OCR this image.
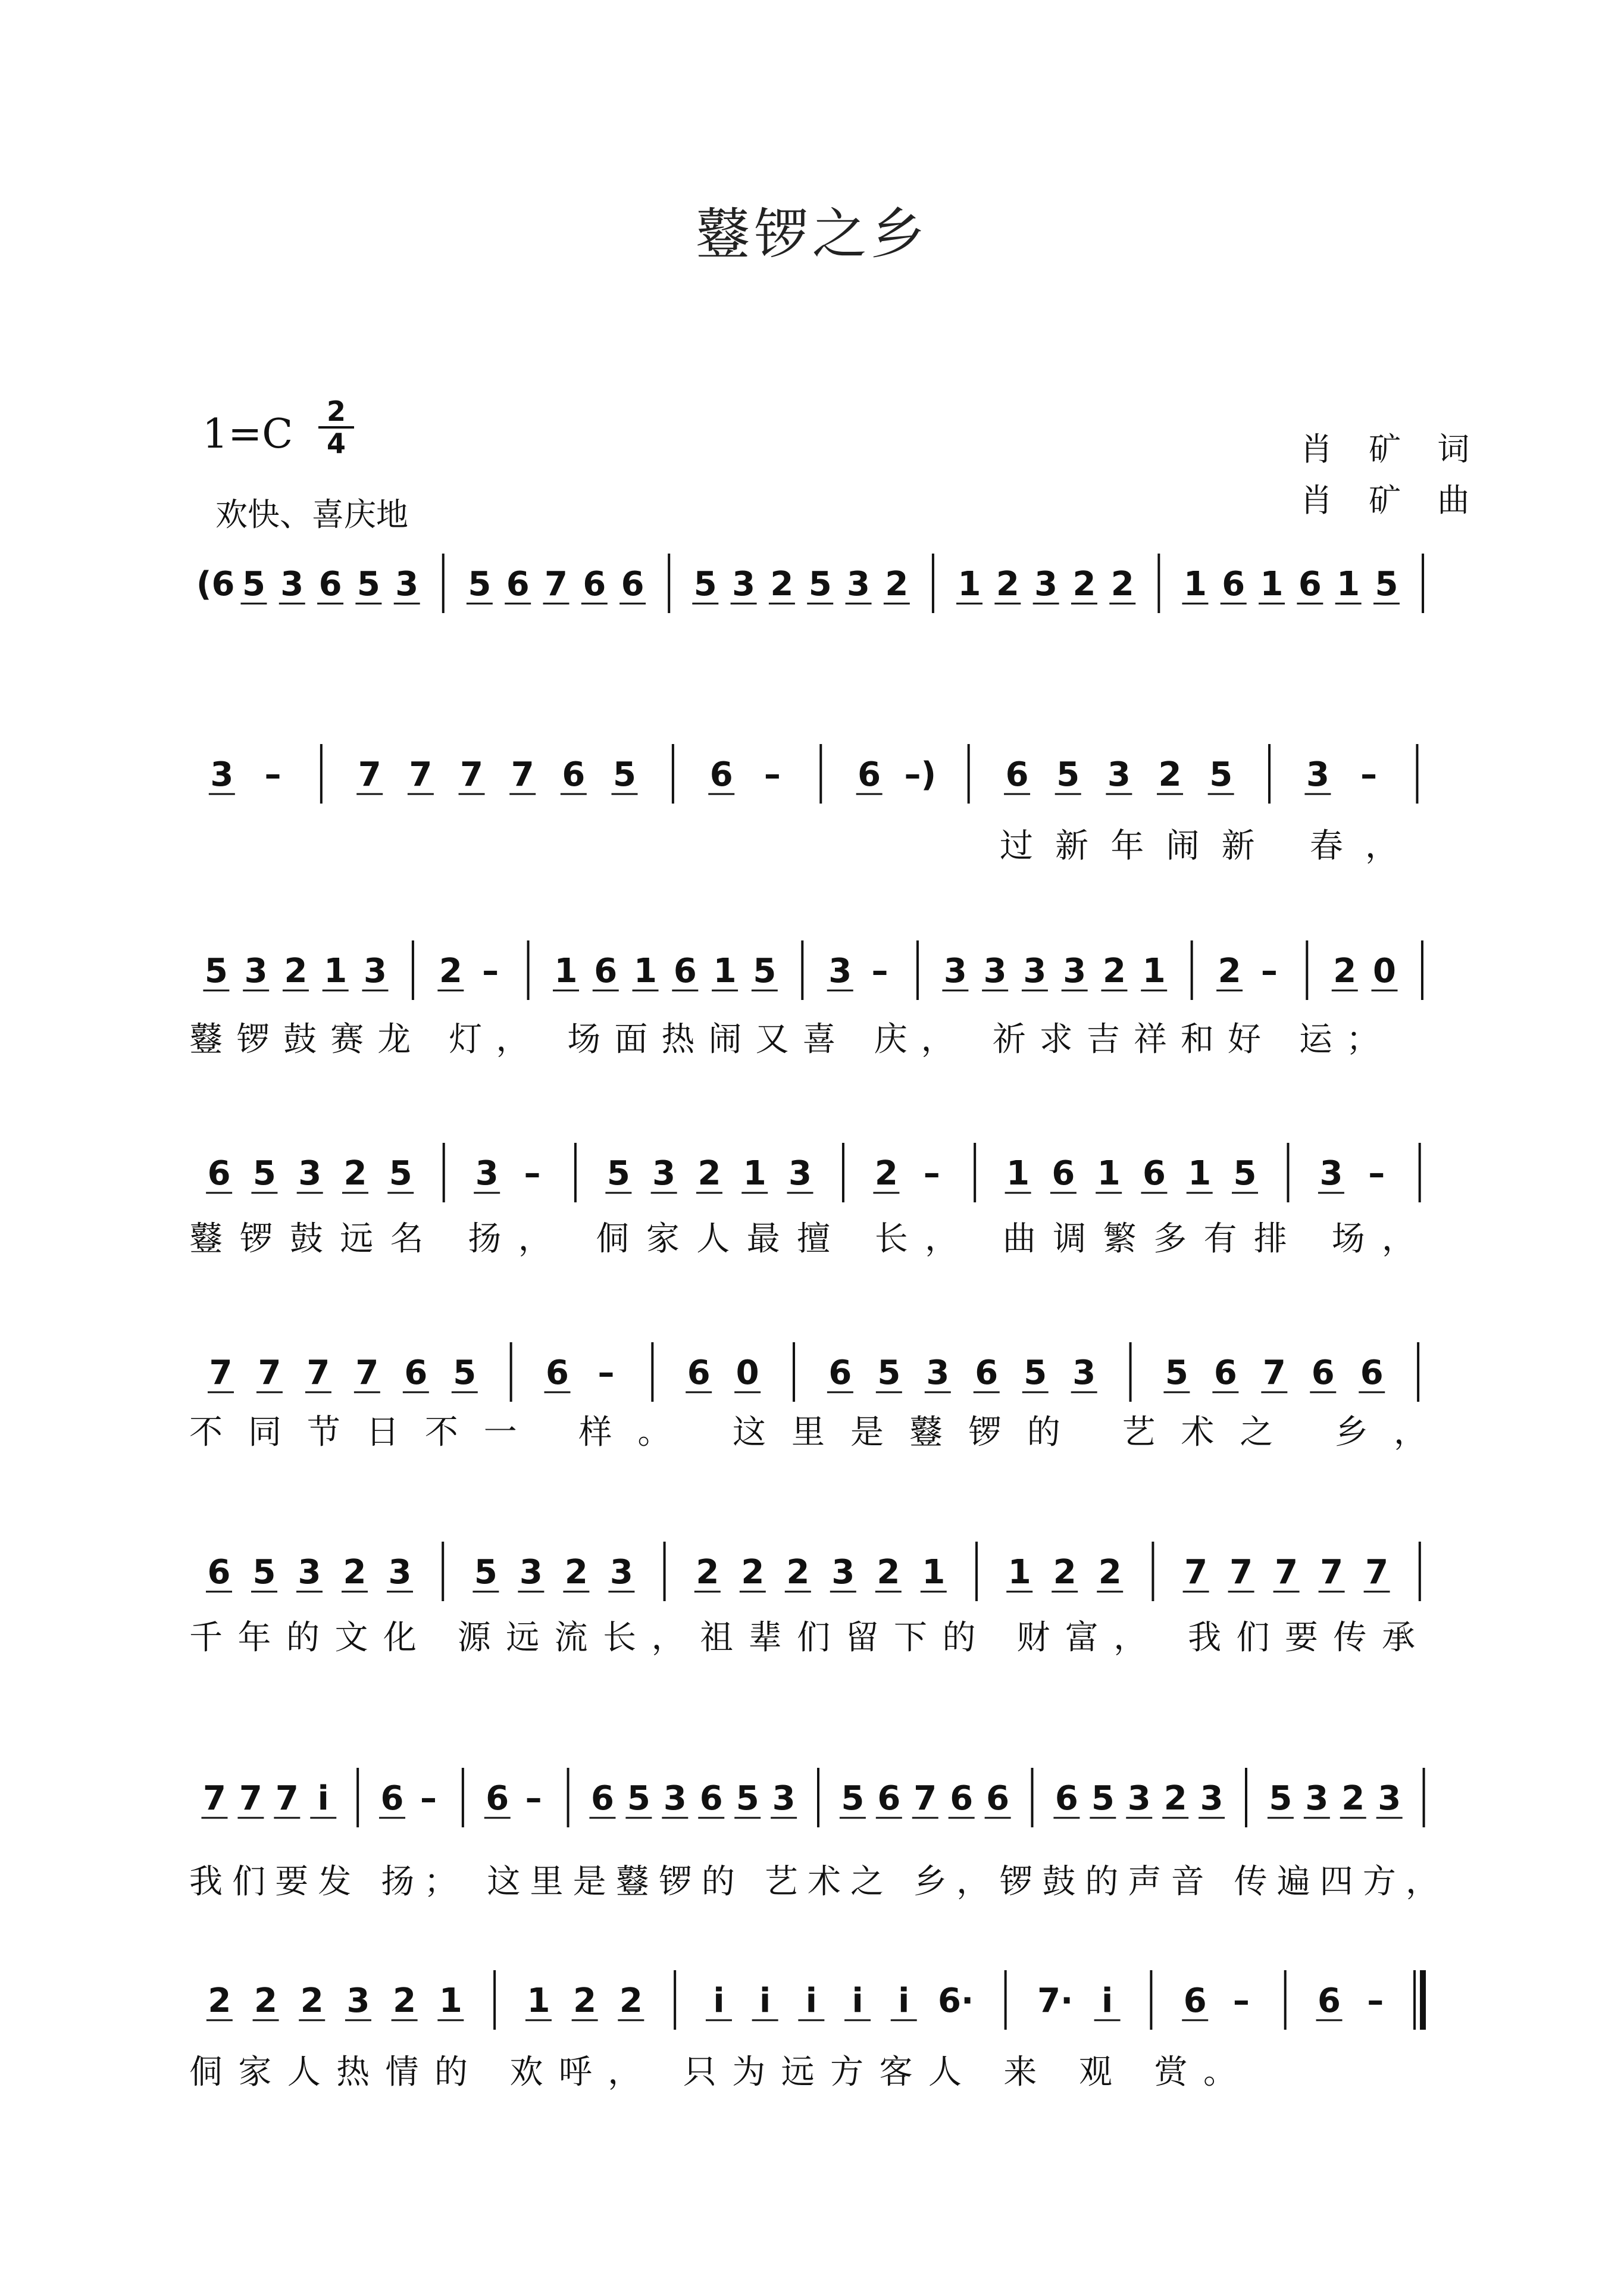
鼟锣之乡
$1=C \frac{2}{4}$
欢快、喜庆地
肖 矿 词
肖 矿 曲
(6 5 3 6 5 3 5 6 7 6 6 5 3 2 5 3 2 1 2 3 2 2 1 6 1 6 1 5
3 – 7 7 7 7 6 5 6 – 6 –) 6 5 3 2 5 3 –
过新年闹新 春，
5 3 2 1 3 2 – 1 6 1 6 1 5 3 – 3 3 3 3 2 1 2 – 2 0
鼟锣鼓赛龙 灯， 场面热闹又喜 庆， 祈求吉祥和好 运；
6 5 3 2 5 3 – 5 3 2 1 3 2 – 1 6 1 6 1 5 3 –
鼟锣鼓远名 扬， 侗家人最擅 长， 曲调繁多有排 场，
7 7 7 7 6 5 6 – 6 0 6 5 3 6 5 3 5 6 7 6 6
不同节日不一 样。 这里是鼟锣的 艺术之 乡，
6 5 3 2 3 5 3 2 3 2 2 2 3 2 1 1 2 2 7 7 7 7 7
千年的文化 源远流长，祖辈们留下的 财富， 我们要传承
7 7 7 i 6 – 6 – 6 5 3 6 5 3 5 6 7 6 6 6 5 3 2 3 5 3 2 3
我们要发 扬； 这里是鼟锣的 艺术之 乡，锣鼓的声音 传遍四方，
2 2 2 3 2 1 1 2 2 i i i i i 6· 7· i 6 – 6 –
侗家人热情的 欢呼， 只为远方客人 来 观 赏。
